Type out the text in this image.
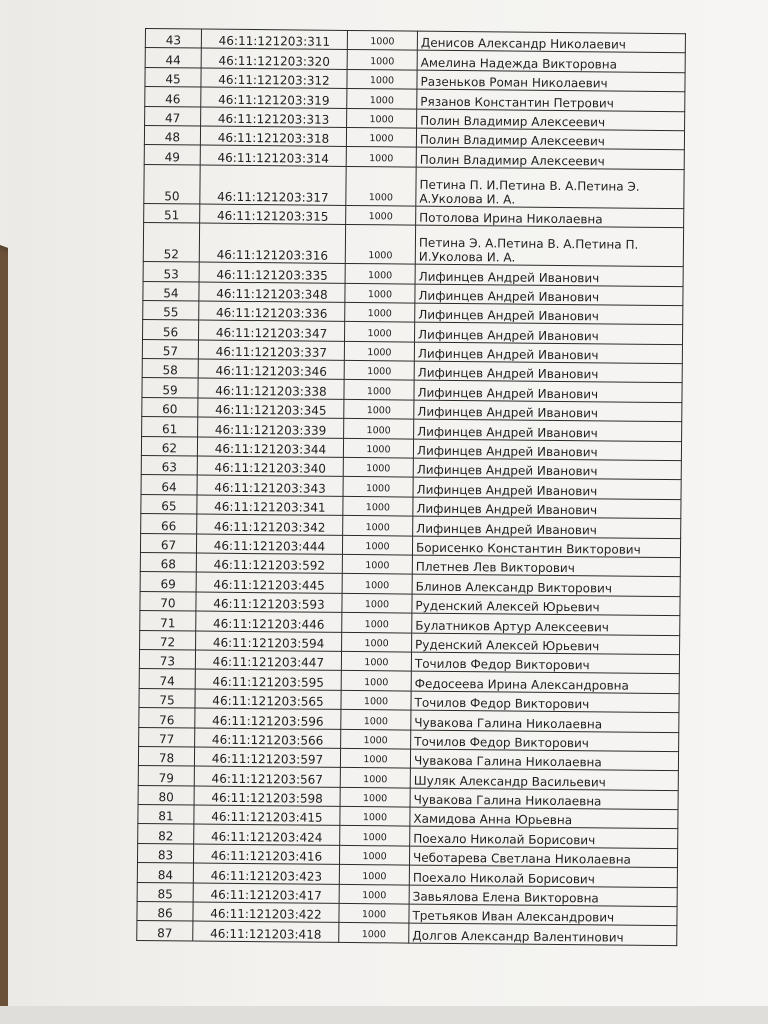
43	46:11:121203:311	1000	Денисов Александр Николаевич
44	46:11:121203:320	1000	Амелина Надежда Викторовна
45	46:11:121203:312	1000	Разеньков Роман Николаевич
46	46:11:121203:319	1000	Рязанов Константин Петрович
47	46:11:121203:313	1000	Полин Владимир Алексеевич
48	46:11:121203:318	1000	Полин Владимир Алексеевич
49	46:11:121203:314	1000	Полин Владимир Алексеевич
50	46:11:121203:317	1000	Петина П. И.Петина В. А.Петина Э. А.Уколова И. А.
51	46:11:121203:315	1000	Потолова Ирина Николаевна
52	46:11:121203:316	1000	Петина Э. А.Петина В. А.Петина П. И.Уколова И. А.
53	46:11:121203:335	1000	Лифинцев Андрей Иванович
54	46:11:121203:348	1000	Лифинцев Андрей Иванович
55	46:11:121203:336	1000	Лифинцев Андрей Иванович
56	46:11:121203:347	1000	Лифинцев Андрей Иванович
57	46:11:121203:337	1000	Лифинцев Андрей Иванович
58	46:11:121203:346	1000	Лифинцев Андрей Иванович
59	46:11:121203:338	1000	Лифинцев Андрей Иванович
60	46:11:121203:345	1000	Лифинцев Андрей Иванович
61	46:11:121203:339	1000	Лифинцев Андрей Иванович
62	46:11:121203:344	1000	Лифинцев Андрей Иванович
63	46:11:121203:340	1000	Лифинцев Андрей Иванович
64	46:11:121203:343	1000	Лифинцев Андрей Иванович
65	46:11:121203:341	1000	Лифинцев Андрей Иванович
66	46:11:121203:342	1000	Лифинцев Андрей Иванович
67	46:11:121203:444	1000	Борисенко Константин Викторович
68	46:11:121203:592	1000	Плетнев Лев Викторович
69	46:11:121203:445	1000	Блинов Александр Викторович
70	46:11:121203:593	1000	Руденский Алексей Юрьевич
71	46:11:121203:446	1000	Булатников Артур Алексеевич
72	46:11:121203:594	1000	Руденский Алексей Юрьевич
73	46:11:121203:447	1000	Точилов Федор Викторович
74	46:11:121203:595	1000	Федосеева Ирина Александровна
75	46:11:121203:565	1000	Точилов Федор Викторович
76	46:11:121203:596	1000	Чувакова Галина Николаевна
77	46:11:121203:566	1000	Точилов Федор Викторович
78	46:11:121203:597	1000	Чувакова Галина Николаевна
79	46:11:121203:567	1000	Шуляк Александр Васильевич
80	46:11:121203:598	1000	Чувакова Галина Николаевна
81	46:11:121203:415	1000	Хамидова Анна Юрьевна
82	46:11:121203:424	1000	Поехало Николай Борисович
83	46:11:121203:416	1000	Чеботарева Светлана Николаевна
84	46:11:121203:423	1000	Поехало Николай Борисович
85	46:11:121203:417	1000	Завьялова Елена Викторовна
86	46:11:121203:422	1000	Третьяков Иван Александрович
87	46:11:121203:418	1000	Долгов Александр Валентинович
